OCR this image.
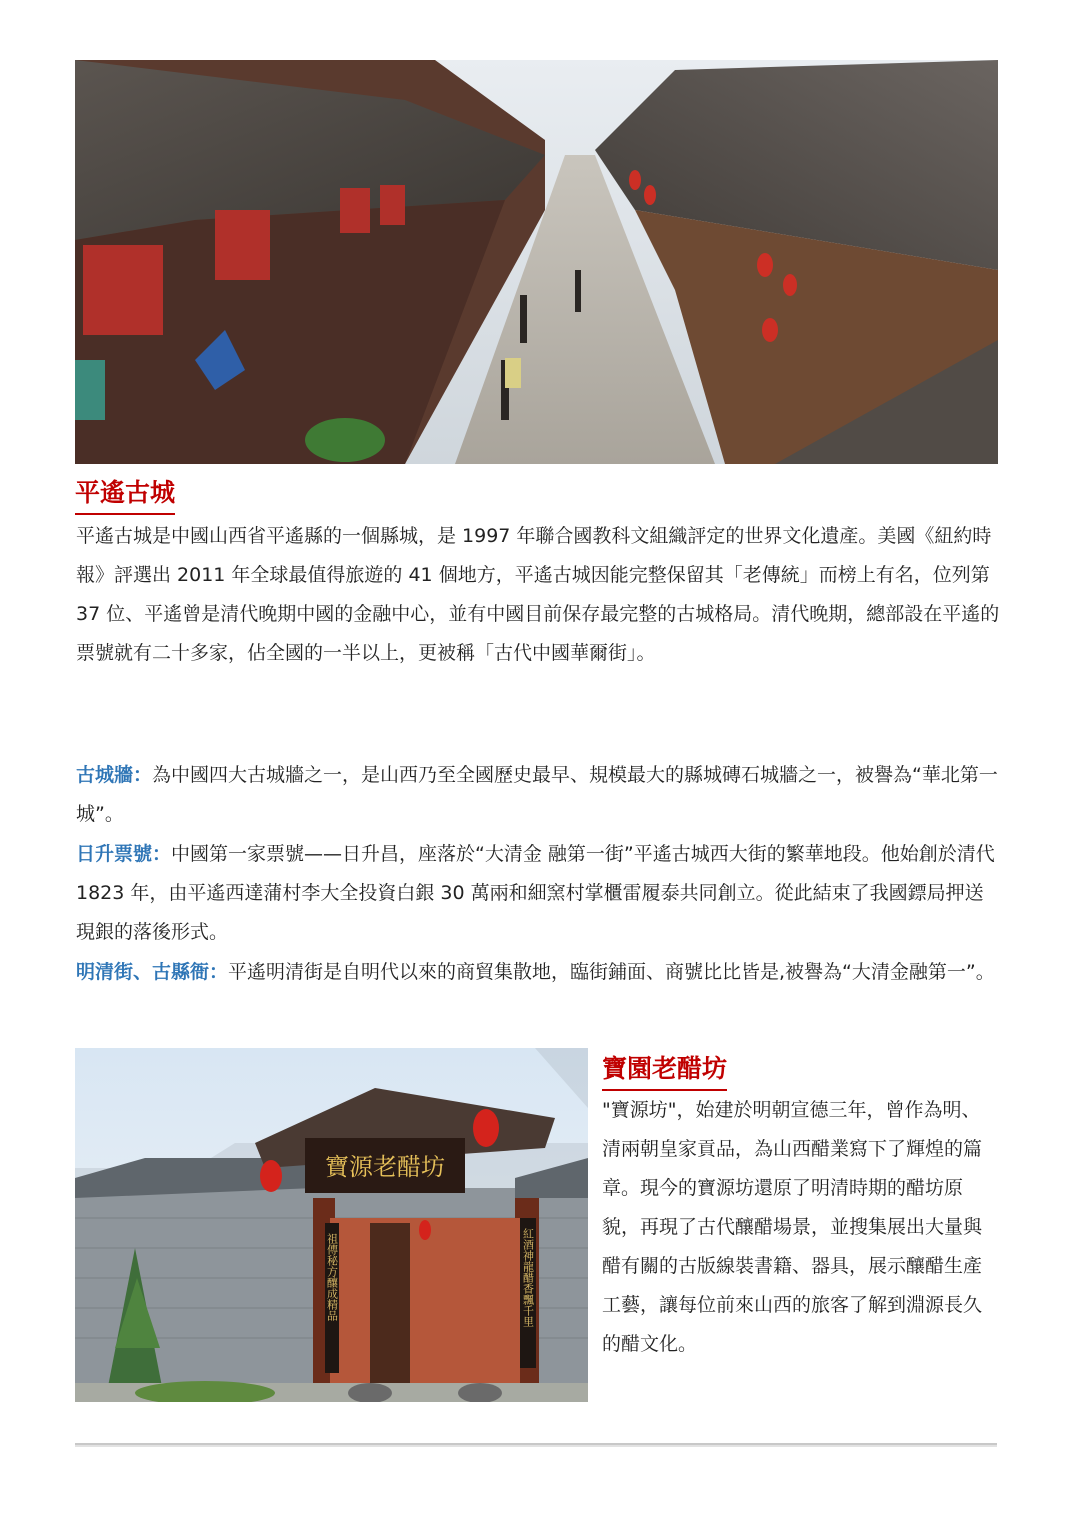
平遙古城

平遙古城是中國山西省平遙縣的一個縣城，是 1997 年聯合國教科文組織評定的世界文化遺產。美國《紐約時報》評選出 2011 年全球最值得旅遊的 41 個地方，平遙古城因能完整保留其「老傳統」而榜上有名，位列第 37 位、平遙曾是清代晚期中國的金融中心，並有中國目前保存最完整的古城格局。清代晚期，總部設在平遙的票號就有二十多家，佔全國的一半以上，更被稱「古代中國華爾街」。

古城牆：為中國四大古城牆之一，是山西乃至全國歷史最早、規模最大的縣城磚石城牆之一，被譽為“華北第一城”。

日升票號：中國第一家票號——日升昌，座落於“大清金 融第一街”平遙古城西大街的繁華地段。他始創於清代 1823 年，由平遙西達蒲村李大全投資白銀 30 萬兩和細窯村掌櫃雷履泰共同創立。從此結束了我國鏢局押送現銀的落後形式。

明清街、古縣衙：平遙明清街是自明代以來的商貿集散地，臨街鋪面、商號比比皆是,被譽為“大清金融第一”。

寶源老醋坊
祖傳秘方釀成精品	紅酒神龍醋香飄千里
寶園老醋坊

"寶源坊"，始建於明朝宣德三年，曾作為明、清兩朝皇家貢品，為山西醋業寫下了輝煌的篇章。現今的寶源坊還原了明清時期的醋坊原貌，再現了古代釀醋場景，並搜集展出大量與醋有關的古版線裝書籍、器具，展示釀醋生產工藝，讓每位前來山西的旅客了解到淵源長久的醋文化。
